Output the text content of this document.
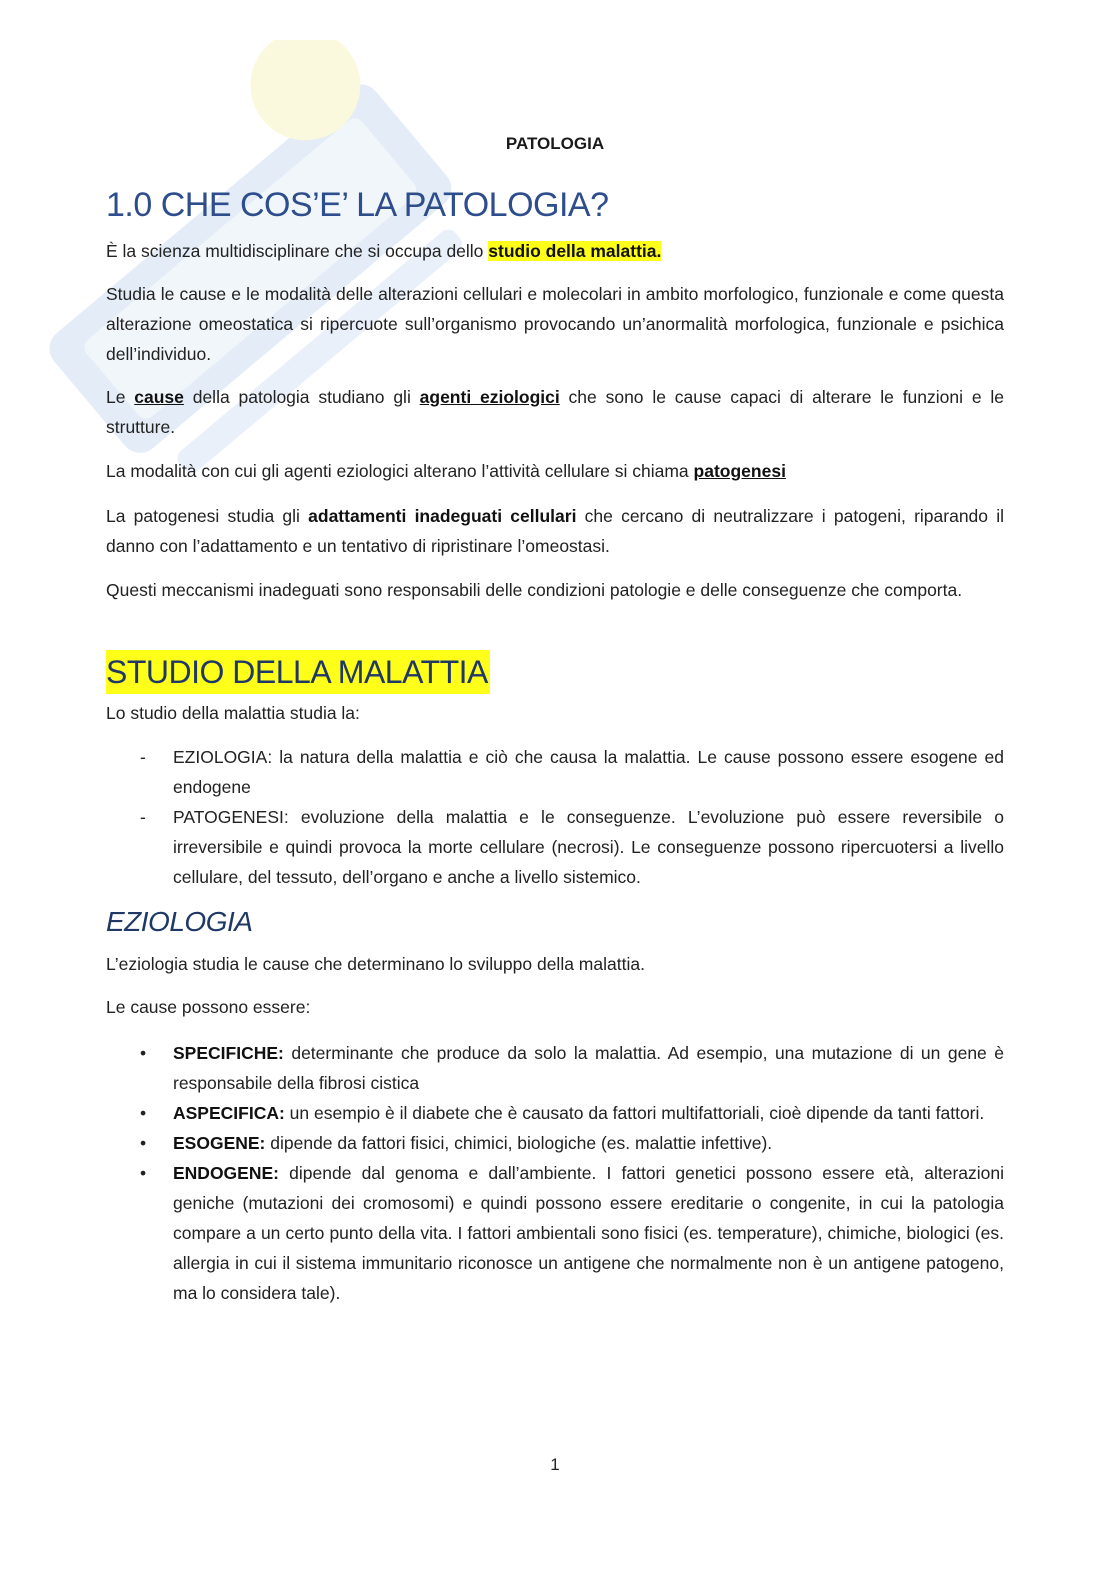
PATOLOGIA
1.0 CHE COS’E’ LA PATOLOGIA?

È la scienza multidisciplinare che si occupa dello studio della malattia.

Studia le cause e le modalità delle alterazioni cellulari e molecolari in ambito morfologico, funzionale e come questa alterazione omeostatica si ripercuote sull’organismo provocando un’anormalità morfologica, funzionale e psichica dell’individuo.

Le cause della patologia studiano gli agenti eziologici che sono le cause capaci di alterare le funzioni e le strutture.

La modalità con cui gli agenti eziologici alterano l’attività cellulare si chiama patogenesi

La patogenesi studia gli adattamenti inadeguati cellulari che cercano di neutralizzare i patogeni, riparando il danno con l’adattamento e un tentativo di ripristinare l’omeostasi.

Questi meccanismi inadeguati sono responsabili delle condizioni patologie e delle conseguenze che comporta.

STUDIO DELLA MALATTIA

Lo studio della malattia studia la:

- EZIOLOGIA: la natura della malattia e ciò che causa la malattia. Le cause possono essere esogene ed endogene
- PATOGENESI: evoluzione della malattia e le conseguenze. L’evoluzione può essere reversibile o irreversibile e quindi provoca la morte cellulare (necrosi). Le conseguenze possono ripercuotersi a livello cellulare, del tessuto, dell’organo e anche a livello sistemico.
EZIOLOGIA

L’eziologia studia le cause che determinano lo sviluppo della malattia.

Le cause possono essere:

• SPECIFICHE: determinante che produce da solo la malattia. Ad esempio, una mutazione di un gene è responsabile della fibrosi cistica
• ASPECIFICA: un esempio è il diabete che è causato da fattori multifattoriali, cioè dipende da tanti fattori.
• ESOGENE: dipende da fattori fisici, chimici, biologiche (es. malattie infettive).
• ENDOGENE: dipende dal genoma e dall’ambiente. I fattori genetici possono essere età, alterazioni geniche (mutazioni dei cromosomi) e quindi possono essere ereditarie o congenite, in cui la patologia compare a un certo punto della vita. I fattori ambientali sono fisici (es. temperature), chimiche, biologici (es. allergia in cui il sistema immunitario riconosce un antigene che normalmente non è un antigene patogeno, ma lo considera tale).
1
